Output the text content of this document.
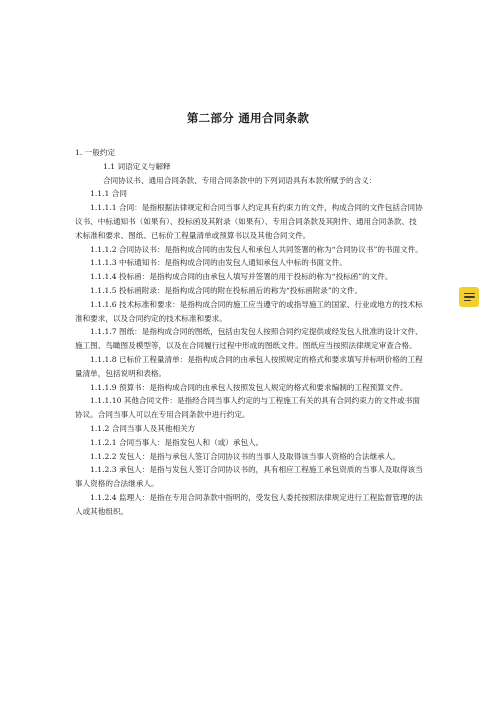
第二部分 通用合同条款

1. 一般约定

1.1 词语定义与解释

合同协议书、通用合同条款、专用合同条款中的下列词语具有本款所赋予的含义：

1.1.1 合同

1.1.1.1 合同：是指根据法律规定和合同当事人约定具有约束力的文件，构成合同的文件包括合同协议书、中标通知书（如果有）、投标函及其附录（如果有）、专用合同条款及其附件、通用合同条款、技术标准和要求、图纸、已标价工程量清单或预算书以及其他合同文件。

1.1.1.2 合同协议书：是指构成合同的由发包人和承包人共同签署的称为“合同协议书”的书面文件。

1.1.1.3 中标通知书：是指构成合同的由发包人通知承包人中标的书面文件。

1.1.1.4 投标函：是指构成合同的由承包人填写并签署的用于投标的称为“投标函”的文件。

1.1.1.5 投标函附录：是指构成合同的附在投标函后的称为“投标函附录”的文件。

1.1.1.6 技术标准和要求：是指构成合同的施工应当遵守的或指导施工的国家、行业或地方的技术标准和要求，以及合同约定的技术标准和要求。

1.1.1.7 图纸：是指构成合同的图纸，包括由发包人按照合同约定提供或经发包人批准的设计文件、施工图、鸟瞰图及模型等，以及在合同履行过程中形成的图纸文件。图纸应当按照法律规定审查合格。

1.1.1.8 已标价工程量清单：是指构成合同的由承包人按照规定的格式和要求填写并标明价格的工程量清单，包括说明和表格。

1.1.1.9 预算书：是指构成合同的由承包人按照发包人规定的格式和要求编制的工程预算文件。

1.1.1.10 其他合同文件：是指经合同当事人约定的与工程施工有关的具有合同约束力的文件或书面协议。合同当事人可以在专用合同条款中进行约定。

1.1.2 合同当事人及其他相关方

1.1.2.1 合同当事人：是指发包人和（或）承包人。

1.1.2.2 发包人：是指与承包人签订合同协议书的当事人及取得该当事人资格的合法继承人。

1.1.2.3 承包人：是指与发包人签订合同协议书的，具有相应工程施工承包资质的当事人及取得该当事人资格的合法继承人。

1.1.2.4 监理人：是指在专用合同条款中指明的，受发包人委托按照法律规定进行工程监督管理的法人或其他组织。
